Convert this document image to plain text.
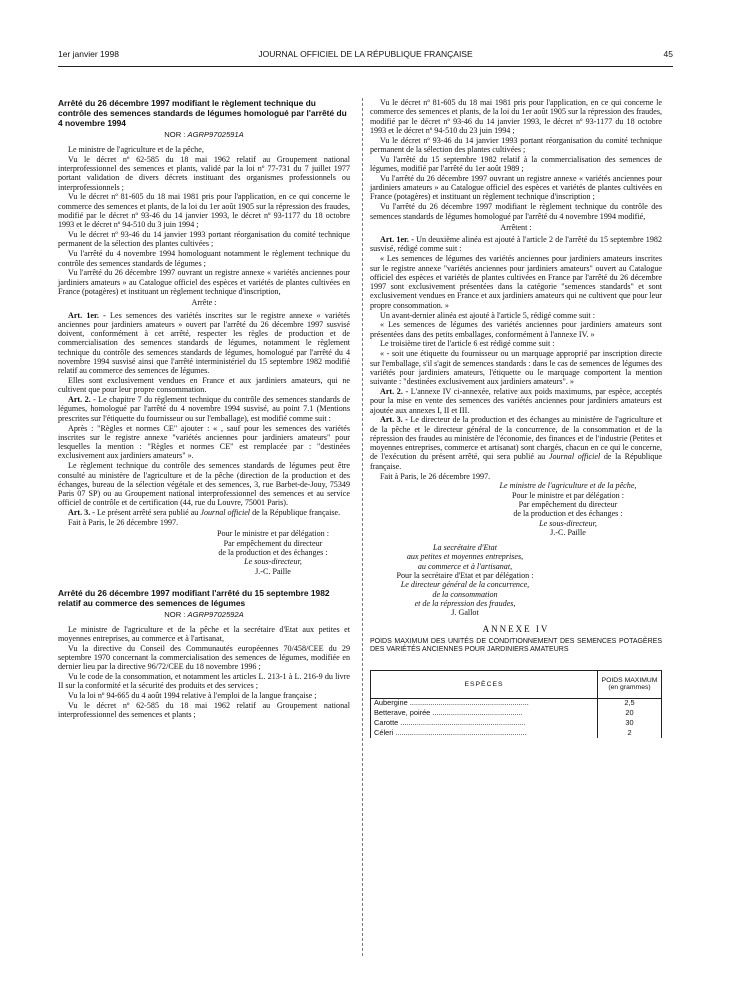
1er janvier 1998	JOURNAL OFFICIEL DE LA RÉPUBLIQUE FRANÇAISE	45
Arrêté du 26 décembre 1997 modifiant le règlement technique du contrôle des semences standards de légumes homologué par l'arrêté du 4 novembre 1994
NOR : AGRP9702591A

Le ministre de l'agriculture et de la pêche,

Vu le décret nº 62-585 du 18 mai 1962 relatif au Groupement national interprofessionnel des semences et plants, validé par la loi nº 77-731 du 7 juillet 1977 portant validation de divers décrets instituant des organismes professionnels ou interprofessionnels ;

Vu le décret nº 81-605 du 18 mai 1981 pris pour l'application, en ce qui concerne le commerce des semences et plants, de la loi du 1er août 1905 sur la répression des fraudes, modifié par le décret nº 93-46 du 14 janvier 1993, le décret nº 93-1177 du 18 octobre 1993 et le décret nº 94-510 du 3 juin 1994 ;

Vu le décret nº 93-46 du 14 janvier 1993 portant réorganisation du comité technique permanent de la sélection des plantes cultivées ;

Vu l'arrêté du 4 novembre 1994 homologuant notamment le règlement technique du contrôle des semences standards de légumes ;

Vu l'arrêté du 26 décembre 1997 ouvrant un registre annexe « variétés anciennes pour jardiniers amateurs » au Catalogue officiel des espèces et variétés de plantes cultivées en France (potagères) et instituant un règlement technique d'inscription,

Arrête :

Art. 1er. - Les semences des variétés inscrites sur le registre annexe « variétés anciennes pour jardiniers amateurs » ouvert par l'arrêté du 26 décembre 1997 susvisé doivent, conformément à cet arrêté, respecter les règles de production et de commercialisation des semences standards de légumes, notamment le règlement technique du contrôle des semences standards de légumes, homologué par l'arrêté du 4 novembre 1994 susvisé ainsi que l'arrêté interministériel du 15 septembre 1982 modifié relatif au commerce des semences de légumes.

Elles sont exclusivement vendues en France et aux jardiniers amateurs, qui ne cultivent que pour leur propre consommation.

Art. 2. - Le chapitre 7 du règlement technique du contrôle des semences standards de légumes, homologué par l'arrêté du 4 novembre 1994 susvisé, au point 7.1 (Mentions prescrites sur l'étiquette du fournisseur ou sur l'emballage), est modifié comme suit :

Après : "Règles et normes CE" ajouter : « , sauf pour les semences des variétés inscrites sur le registre annexe "variétés anciennes pour jardiniers amateurs" pour lesquelles la mention : "Règles et normes CE" est remplacée par : "destinées exclusivement aux jardiniers amateurs" ».

Le règlement technique du contrôle des semences standards de légumes peut être consulté au ministère de l'agriculture et de la pêche (direction de la production et des échanges, bureau de la sélection végétale et des semences, 3, rue Barbet-de-Jouy, 75349 Paris 07 SP) ou au Groupement national interprofessionnel des semences et au service officiel de contrôle et de certification (44, rue du Louvre, 75001 Paris).

Art. 3. - Le présent arrêté sera publié au Journal officiel de la République française.

Fait à Paris, le 26 décembre 1997.

Pour le ministre et par délégation :
Par empêchement du directeur
de la production et des échanges :
Le sous-directeur,
J.-C. Paille
Arrêté du 26 décembre 1997 modifiant l'arrêté du 15 septembre 1982 relatif au commerce des semences de légumes
NOR : AGRP9702592A

Le ministre de l'agriculture et de la pêche et la secrétaire d'Etat aux petites et moyennes entreprises, au commerce et à l'artisanat,

Vu la directive du Conseil des Communautés européennes 70/458/CEE du 29 septembre 1970 concernant la commercialisation des semences de légumes, modifiée en dernier lieu par la directive 96/72/CEE du 18 novembre 1996 ;

Vu le code de la consommation, et notamment les articles L. 213-1 à L. 216-9 du livre II sur la conformité et la sécurité des produits et des services ;

Vu la loi nº 94-665 du 4 août 1994 relative à l'emploi de la langue française ;

Vu le décret nº 62-585 du 18 mai 1962 relatif au Groupement national interprofessionnel des semences et plants ;

Vu le décret nº 81-605 du 18 mai 1981 pris pour l'application, en ce qui concerne le commerce des semences et plants, de la loi du 1er août 1905 sur la répression des fraudes, modifié par le décret nº 93-46 du 14 janvier 1993, le décret nº 93-1177 du 18 octobre 1993 et le décret nº 94-510 du 23 juin 1994 ;

Vu le décret nº 93-46 du 14 janvier 1993 portant réorganisation du comité technique permanent de la sélection des plantes cultivées ;

Vu l'arrêté du 15 septembre 1982 relatif à la commercialisation des semences de légumes, modifié par l'arrêté du 1er août 1989 ;

Vu l'arrêté du 26 décembre 1997 ouvrant un registre annexe « variétés anciennes pour jardiniers amateurs » au Catalogue officiel des espèces et variétés de plantes cultivées en France (potagères) et instituant un règlement technique d'inscription ;

Vu l'arrêté du 26 décembre 1997 modifiant le règlement technique du contrôle des semences standards de légumes homologué par l'arrêté du 4 novembre 1994 modifié,

Arrêtent :

Art. 1er. - Un deuxième alinéa est ajouté à l'article 2 de l'arrêté du 15 septembre 1982 susvisé, rédigé comme suit :

« Les semences de légumes des variétés anciennes pour jardiniers amateurs inscrites sur le registre annexe "variétés anciennes pour jardiniers amateurs" ouvert au Catalogue officiel des espèces et variétés de plantes cultivées en France par l'arrêté du 26 décembre 1997 sont exclusivement présentées dans la catégorie "semences standards" et sont exclusivement vendues en France et aux jardiniers amateurs qui ne cultivent que pour leur propre consommation. »

Un avant-dernier alinéa est ajouté à l'article 5, rédigé comme suit :

« Les semences de légumes des variétés anciennes pour jardiniers amateurs sont présentées dans des petits emballages, conformément à l'annexe IV. »

Le troisième tiret de l'article 6 est rédigé comme suit :

« - soit une étiquette du fournisseur ou un marquage approprié par inscription directe sur l'emballage, s'il s'agit de semences standards : dans le cas de semences de légumes des variétés pour jardiniers amateurs, l'étiquette ou le marquage comportent la mention suivante : "destinées exclusivement aux jardiniers amateurs". »

Art. 2. - L'annexe IV ci-annexée, relative aux poids maximums, par espèce, acceptés pour la mise en vente des semences des variétés anciennes pour jardiniers amateurs est ajoutée aux annexes I, II et III.

Art. 3. - Le directeur de la production et des échanges au ministère de l'agriculture et de la pêche et le directeur général de la concurrence, de la consommation et de la répression des fraudes au ministère de l'économie, des finances et de l'industrie (Petites et moyennes entreprises, commerce et artisanat) sont chargés, chacun en ce qui le concerne, de l'exécution du présent arrêté, qui sera publié au Journal officiel de la République française.

Fait à Paris, le 26 décembre 1997.

Le ministre de l'agriculture et de la pêche,
Pour le ministre et par délégation :
Par empêchement du directeur
de la production et des échanges :
Le sous-directeur,
J.-C. Paille
La secrétaire d'Etat
aux petites et moyennes entreprises,
au commerce et à l'artisanat,
Pour la secrétaire d'Etat et par délégation :
Le directeur général de la concurrence,
de la consommation
et de la répression des fraudes,
J. Gallot
ANNEXE IV
POIDS MAXIMUM DES UNITÉS DE CONDITIONNEMENT DES SEMENCES POTAGÈRES DES VARIÉTÉS ANCIENNES POUR JARDINIERS AMATEURS
ESPÈCES	POIDS MAXIMUM (en grammes)
Aubergine ..........................................................	2,5
Betterave, poirée ............................................	20
Carotte .............................................................	30
Céleri ................................................................	2
